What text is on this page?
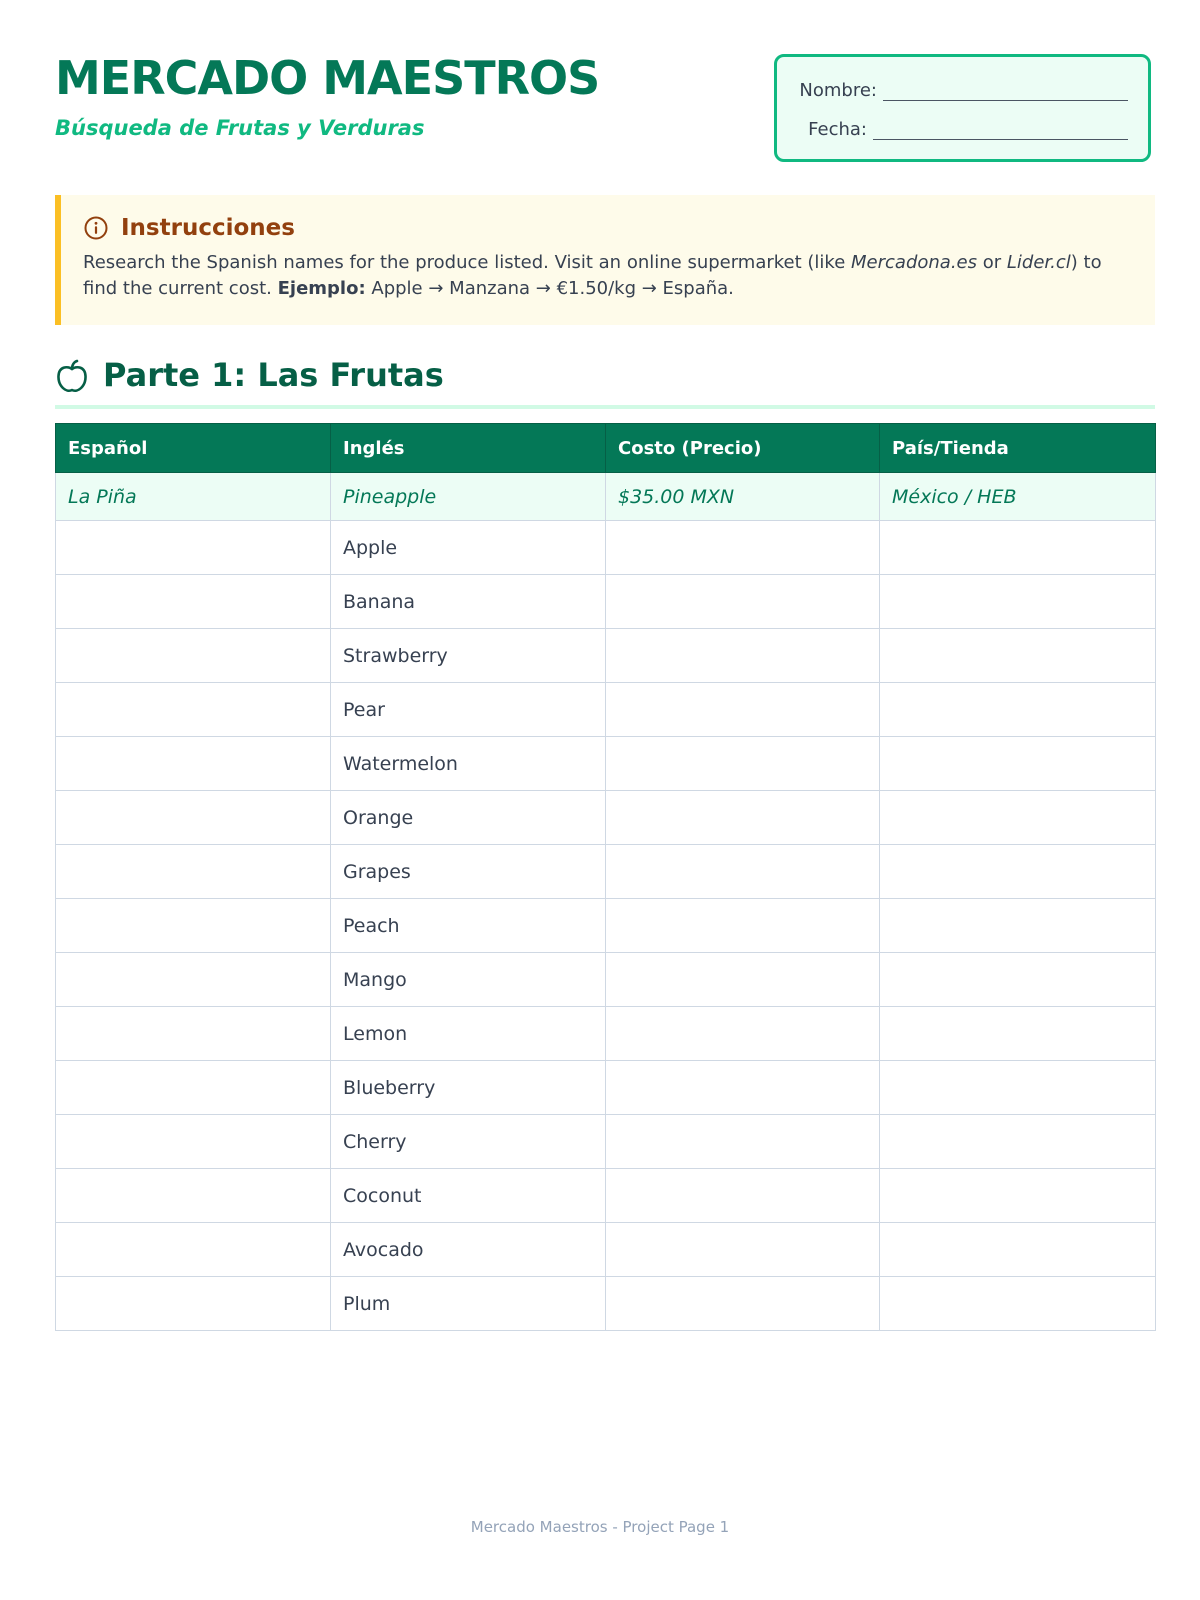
MERCADO MAESTROS
Búsqueda de Frutas y Verduras
Nombre:
Fecha:
Instrucciones
Research the Spanish names for the produce listed. Visit an online supermarket (like Mercadona.es or Lider.cl) to find the current cost. Ejemplo: Apple → Manzana → €1.50/kg → España.
Parte 1: Las Frutas
Español	Inglés	Costo (Precio)	País/Tienda
La Piña	Pineapple	$35.00 MXN	México / HEB
	Apple		
	Banana		
	Strawberry		
	Pear		
	Watermelon		
	Orange		
	Grapes		
	Peach		
	Mango		
	Lemon		
	Blueberry		
	Cherry		
	Coconut		
	Avocado		
	Plum		
Mercado Maestros - Project Page 1
